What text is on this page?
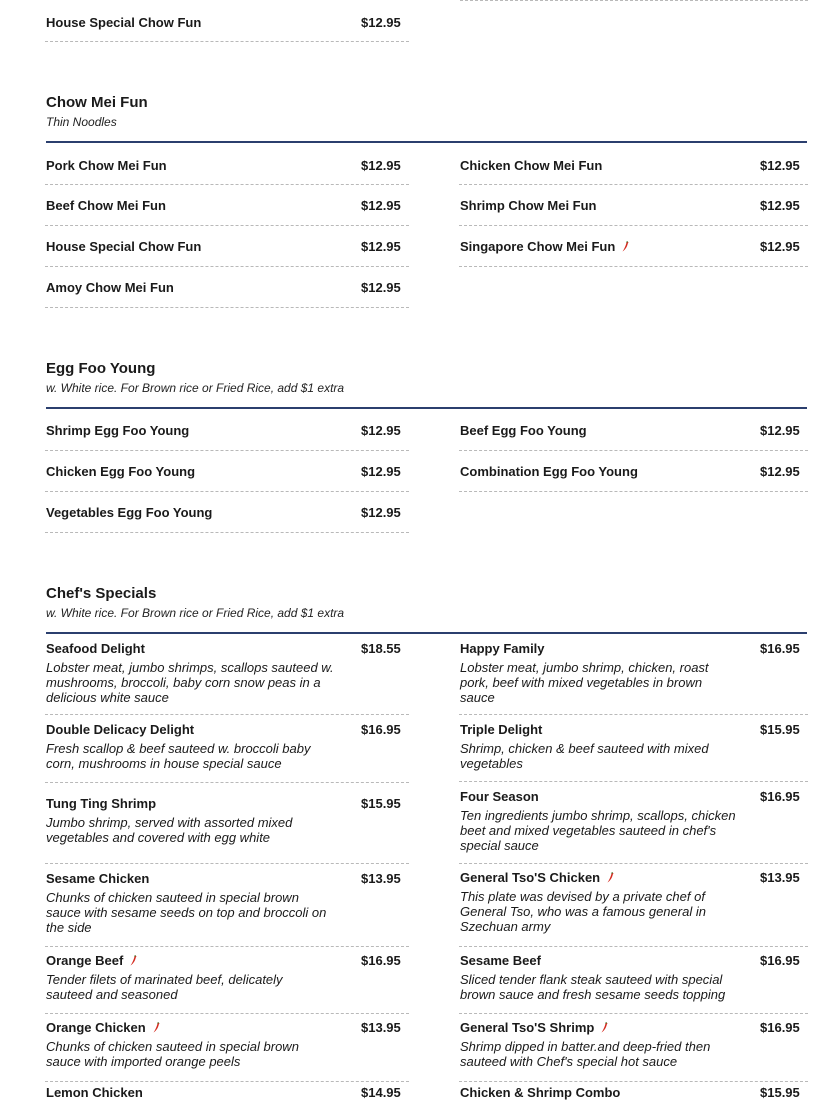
House Special Chow Fun	$12.95
Chow Mei Fun

Thin Noodles

Pork Chow Mei Fun	$12.95	Chicken Chow Mei Fun	$12.95
Beef Chow Mei Fun	$12.95	Shrimp Chow Mei Fun	$12.95
House Special Chow Fun	$12.95	Singapore Chow Mei Fun	$12.95
Amoy Chow Mei Fun	$12.95
Egg Foo Young

w. White rice. For Brown rice or Fried Rice, add $1 extra

Shrimp Egg Foo Young	$12.95	Beef Egg Foo Young	$12.95
Chicken Egg Foo Young	$12.95	Combination Egg Foo Young	$12.95
Vegetables Egg Foo Young	$12.95
Chef's Specials

w. White rice. For Brown rice or Fried Rice, add $1 extra

Seafood Delight	$18.55
Lobster meat, jumbo shrimps, scallops sauteed w. mushrooms, broccoli, baby corn snow peas in a delicious white sauce
Happy Family	$16.95
Lobster meat, jumbo shrimp, chicken, roast pork, beef with mixed vegetables in brown sauce
Double Delicacy Delight	$16.95
Fresh scallop & beef sauteed w. broccoli baby corn, mushrooms in house special sauce
Triple Delight	$15.95
Shrimp, chicken & beef sauteed with mixed vegetables
Tung Ting Shrimp	$15.95
Jumbo shrimp, served with assorted mixed vegetables and covered with egg white
Four Season	$16.95
Ten ingredients jumbo shrimp, scallops, chicken beet and mixed vegetables sauteed in chef's special sauce
Sesame Chicken	$13.95
Chunks of chicken sauteed in special brown sauce with sesame seeds on top and broccoli on the side
General Tso'S Chicken	$13.95
This plate was devised by a private chef of General Tso, who was a famous general in Szechuan army
Orange Beef	$16.95
Tender filets of marinated beef, delicately sauteed and seasoned
Sesame Beef	$16.95
Sliced tender flank steak sauteed with special brown sauce and fresh sesame seeds topping
Orange Chicken	$13.95
Chunks of chicken sauteed in special brown sauce with imported orange peels
General Tso'S Shrimp	$16.95
Shrimp dipped in batter.and deep-fried then sauteed with Chef's special hot sauce
Lemon Chicken	$14.95	Chicken & Shrimp Combo	$15.95
